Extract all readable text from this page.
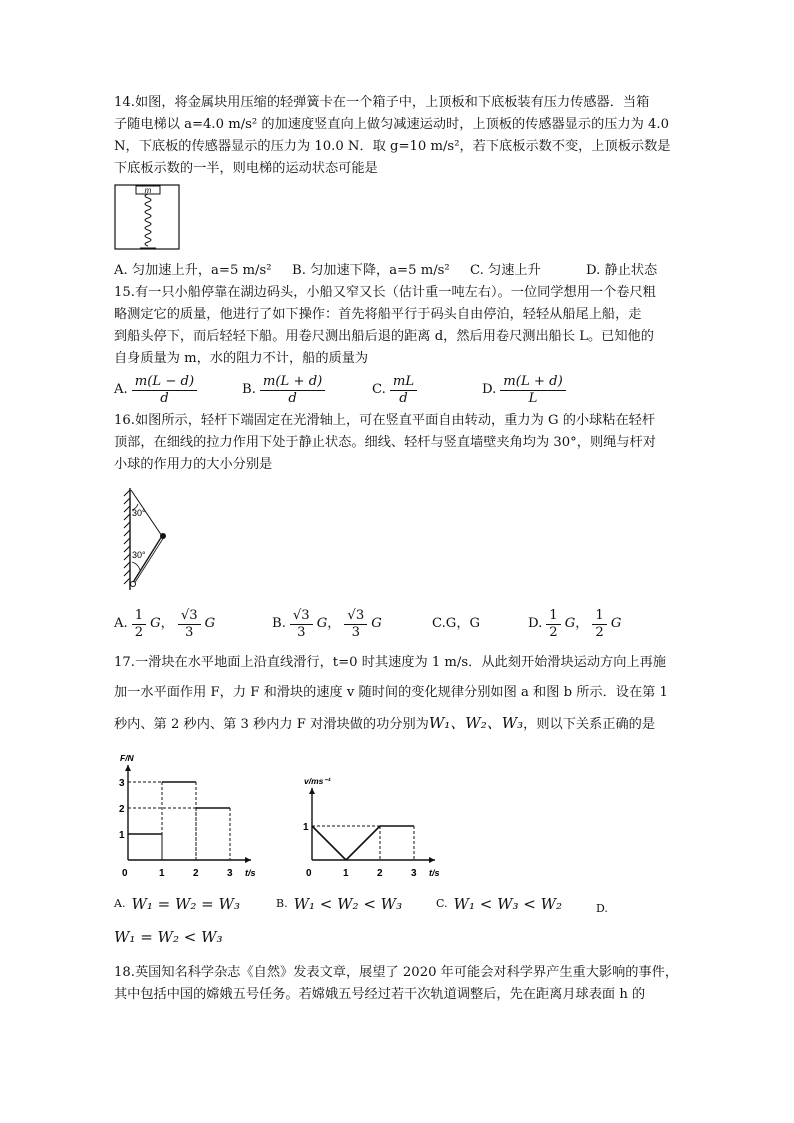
14.如图，将金属块用压缩的轻弹簧卡在一个箱子中，上顶板和下底板装有压力传感器．当箱

子随电梯以 a=4.0 m/s² 的加速度竖直向上做匀减速运动时，上顶板的传感器显示的压力为 4.0

N，下底板的传感器显示的压力为 10.0 N．取 g=10 m/s²，若下底板示数不变，上顶板示数是

下底板示数的一半，则电梯的运动状态可能是

m
A. 匀加速上升，a=5 m/s²	B. 匀加速下降，a=5 m/s²	C. 匀速上升	D. 静止状态

15.有一只小船停靠在湖边码头，小船又窄又长（估计重一吨左右）。一位同学想用一个卷尺粗

略测定它的质量，他进行了如下操作：首先将船平行于码头自由停泊，轻轻从船尾上船，走

到船头停下，而后轻轻下船。用卷尺测出船后退的距离 d，然后用卷尺测出船长 L。已知他的

自身质量为 m，水的阻力不计，船的质量为

A. $\frac{m(L - d)}{d}$	B. $\frac{m(L + d)}{d}$	C. $\frac{mL}{d}$	D. $\frac{m(L + d)}{L}$

16.如图所示，轻杆下端固定在光滑轴上，可在竖直平面自由转动，重力为 G 的小球粘在轻杆

顶部，在细线的拉力作用下处于静止状态。细线、轻杆与竖直墙壁夹角均为 30°，则绳与杆对

小球的作用力的大小分别是

30°
30°
A. $\frac{1}{2}$ G ， $\frac{√3}{3}$ G	B. $\frac{√3}{3}$ G ， $\frac{√3}{3}$ G	C.G，G	D. $\frac{1}{2}$ G ， $\frac{1}{2}$ G

17.一滑块在水平地面上沿直线滑行，t=0 时其速度为 1 m/s．从此刻开始滑块运动方向上再施

加一水平面作用 F，力 F 和滑块的速度 v 随时间的变化规律分别如图 a 和图 b 所示．设在第 1

秒内、第 2 秒内、第 3 秒内力 F 对滑块做的功分别为W₁、W₂、W₃，则以下关系正确的是

t/s
F/N
0	1	2	3
1
2
3
t/s
v/ms⁻¹
0	1	2	3
1
A. W₁ = W₂ = W₃	B. W₁ < W₂ < W₃	C. W₁ < W₃ < W₂	D.
W₁ = W₂ < W₃

18.英国知名科学杂志《自然》发表文章，展望了 2020 年可能会对科学界产生重大影响的事件，

其中包括中国的嫦娥五号任务。若嫦娥五号经过若干次轨道调整后，先在距离月球表面 h 的
